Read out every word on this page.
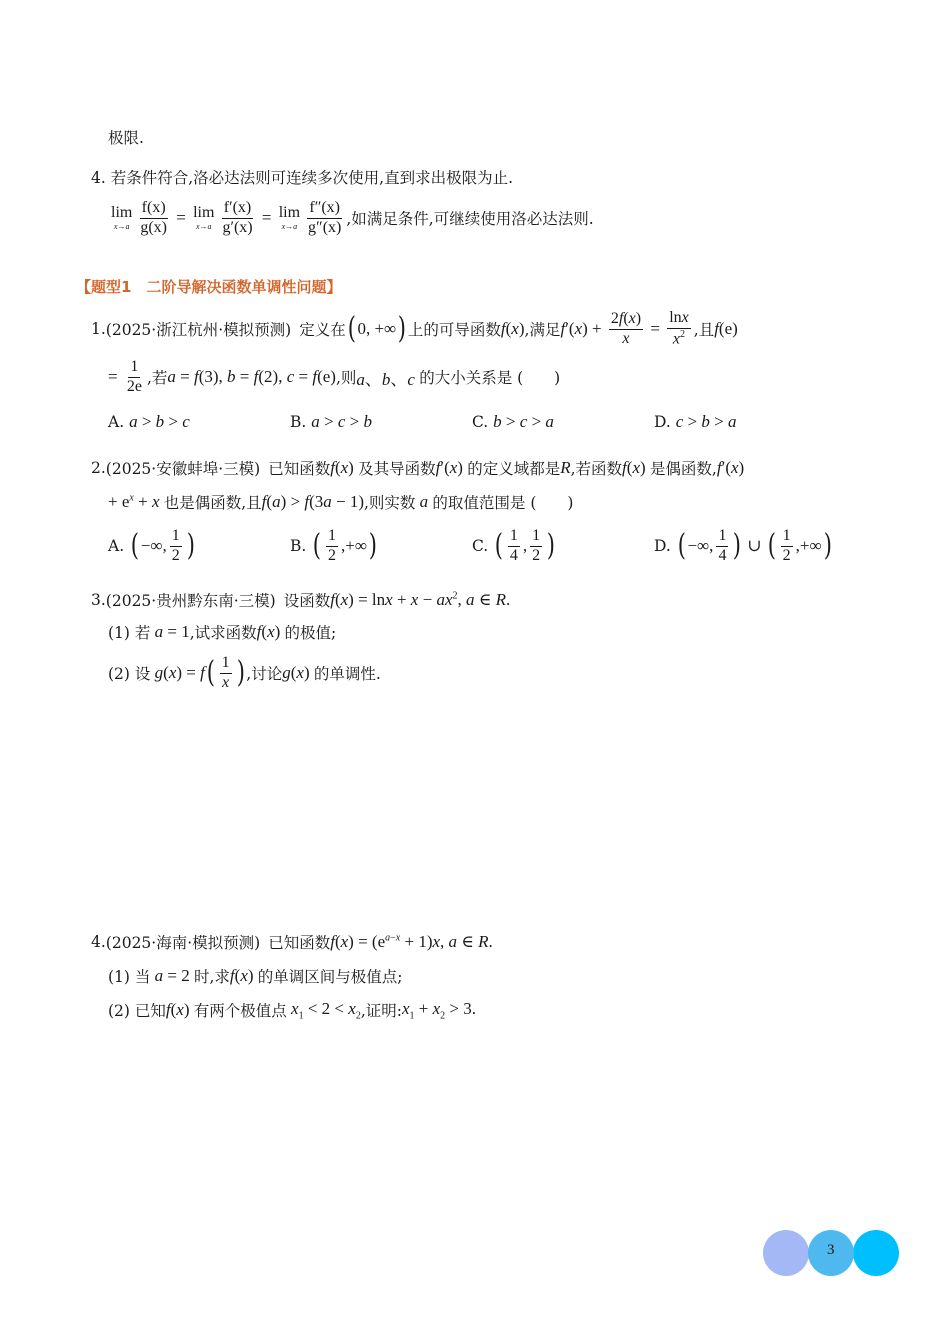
极限.
4. 若条件符合,洛必达法则可连续多次使用,直到求出极限为止.
lim
$x\to a \frac{f(x)}{g(x)} = \lim$
$x\to a \frac{f'(x)}{g'(x)} = \lim$
$x\to a \frac{f''(x)}{g''(x)}$ ,如满足条件,可继续使用洛必达法则.
【题型1　二阶导解决函数单调性问题】
1. (2025·浙江杭州·模拟预测) 定义在 ( 0, +∞ ) 上的可导函数 f(x) ,满足 $f'(x) + \frac{2f(x)}{x} = \frac{\ln x}{x^2}$ ,且 f(e)
= $\frac{1}{2e}$ ,若 a = f(3), b = f(2), c = f(e) ,则 a、b、c 的大小关系是 (　　)
A.
a > b > c	B.
a > c > b	C.
b > c > a	D.
c > b > a
2. (2025·安徽蚌埠·三模) 已知函数 f(x) 及其导函数 f′(x) 的定义域都是 R ,若函数 f(x) 是偶函数, f′(x)
+ $e^x + x$ 也是偶函数,且 f(a) > f(3a − 1) ,则实数 a 的取值范围是 (　　)
A.
( −∞, $\frac{1}{2}$ )	B.
( $\frac{1}{2}$ ,+∞ )	C.
( $\frac{1}{4}$ , $\frac{1}{2}$ )	D.
( −∞, $\frac{1}{4}$ ) ∪ ( $\frac{1}{2}$ ,+∞ )
3. (2025·贵州黔东南·三模) 设函数 $f(x) = \ln x + x - ax^2$, a ∈ R.
(1) 若 a = 1 ,试求函数 f(x) 的极值;
(2) 设 g(x) = f ( $\frac{1}{x}$ ) ,讨论 g(x) 的单调性.
4. (2025·海南·模拟预测) 已知函数 $f(x) = (e^{a-x} + 1)x$, a ∈ R.
(1) 当 a = 2 时,求 f(x) 的单调区间与极值点;
(2) 已知 f(x) 有两个极值点 $x_1 < 2 < x_2$ ,证明: $x_1 + x_2 > 3$.
3
